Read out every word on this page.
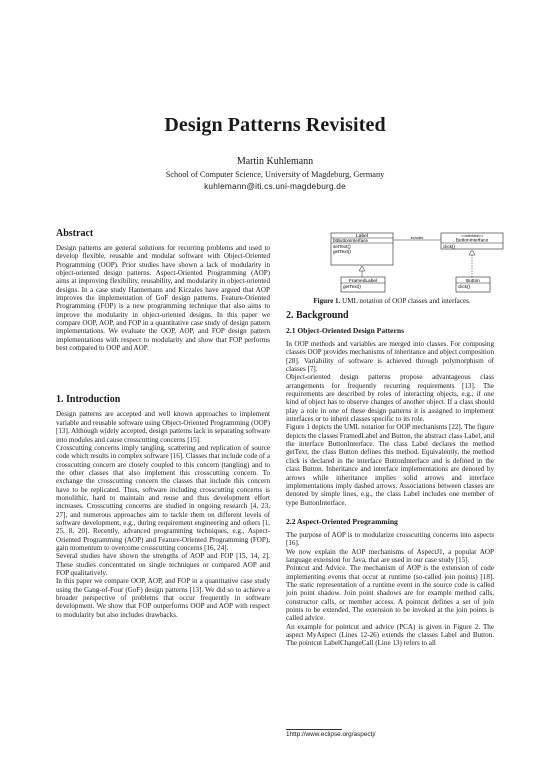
Design Patterns Revisited
Martin Kuhlemann
School of Computer Science, University of Magdeburg, Germany
kuhlemann@iti.cs.uni-magdeburg.de
Abstract

Design patterns are general solutions for recurring problems and used to develop flexible, reusable and modular software with Object-Oriented Programming (OOP). Prior studies have shown a lack of modularity in object-oriented design patterns. Aspect-Oriented Programming (AOP) aims at improving flexibility, reusability, and modularity in object-oriented designs. In a case study Hannemann and Kiczales have argued that AOP improves the implementation of GoF design patterns. Feature-Oriented Programming (FOP) is a new programming technique that also aims to improve the modularity in object-oriented designs. In this paper we compare OOP, AOP, and FOP in a quantitative case study of design pattern implementations. We evaluate the OOP, AOP, and FOP design pattern implementations with respect to modularity and show that FOP performs best compared to OOP and AOP.

1. Introduction

Design patterns are accepted and well known approaches to implement variable and reusable software using Object-Oriented Programming (OOP) [13]. Although widely accepted, design patterns lack in separating software into modules and cause crosscutting concerns [15].

Crosscutting concerns imply tangling, scattering and replication of source code which results in complex software [16]. Classes that include code of a crosscutting concern are closely coupled to this concern (tangling) and to the other classes that also implement this crosscutting concern. To exchange the crosscutting concern the classes that include this concern have to be replicated. Thus, software including crosscutting concerns is monolithic, hard to maintain and reuse and thus development effort increases. Crosscutting concerns are studied in ongoing research [4, 23, 27], and numerous approaches aim to tackle them on different levels of software development, e.g., during requirement engineering and others [1, 25, 8, 20]. Recently, advanced programming techniques, e.g., Aspect-Oriented Programming (AOP) and Feature-Oriented Programming (FOP), gain momentum to overcome crosscutting concerns [16, 24].

Several studies have shown the strengths of AOP and FOP [15, 14, 2]. These studies concentrated on single techniques or compared AOP and FOP qualitatively.

In this paper we compare OOP, AOP, and FOP in a quantitative case study using the Gang-of-Four (GoF) design patterns [13]. We did so to achieve a broader perspective of problems that occur frequently in software development. We show that FOP outperforms OOP and AOP with respect to modularity but also includes drawbacks.

Label
btButtonInterface
setText()
getText()
includes
<<interface>>
ButtonInterface
click()
FramedLabel
getText()
Button
click()
Figure 1. UML notation of OOP classes and interfaces.
2. Background
2.1 Object-Oriented Design Patterns

In OOP methods and variables are merged into classes. For composing classes OOP provides mechanisms of inheritance and object composition [28]. Variability of software is achieved through polymorphism of classes [7].

Object-oriented design patterns propose advantageous class arrangements for frequently recurring requirements [13]. The requirements are described by roles of interacting objects, e.g., if one kind of object has to observe changes of another object. If a class should play a role in one of these design patterns it is assigned to implement interfaces or to inherit classes specific to its role.

Figure 1 depicts the UML notation for OOP mechanisms [22]. The figure depicts the classes FramedLabel and Button, the abstract class Label, and the interface ButtonInterface. The class Label declares the method getText, the class Button defines this method. Equivalently, the method click is declared in the interface ButtonInterface and is defined in the class Button. Inheritance and interface implementations are denoted by arrows while inheritance implies solid arrows and interface implementations imply dashed arrows. Associations between classes are denoted by simple lines, e.g., the class Label includes one member of type ButtonInterface.

2.2 Aspect-Oriented Programming

The purpose of AOP is to modularize crosscutting concerns into aspects [16].

We now explain the AOP mechanisms of AspectJ1, a popular AOP language extension for Java, that are used in our case study [15].

Pointcut and Advice. The mechanism of AOP is the extension of code implementing events that occur at runtime (so-called join points) [18]. The static representation of a runtime event in the source code is called join point shadow. Join point shadows are for example method calls, constructor calls, or member access. A pointcut defines a set of join points to be extended. The extension to be invoked at the join points is called advice.

An example for pointcut and advice (PCA) is given in Figure 2. The aspect MyAspect (Lines 12-26) extends the classes Label and Button. The pointcut LabelChangeCall (Line 13) refers to all

1http://www.eclipse.org/aspectj/
